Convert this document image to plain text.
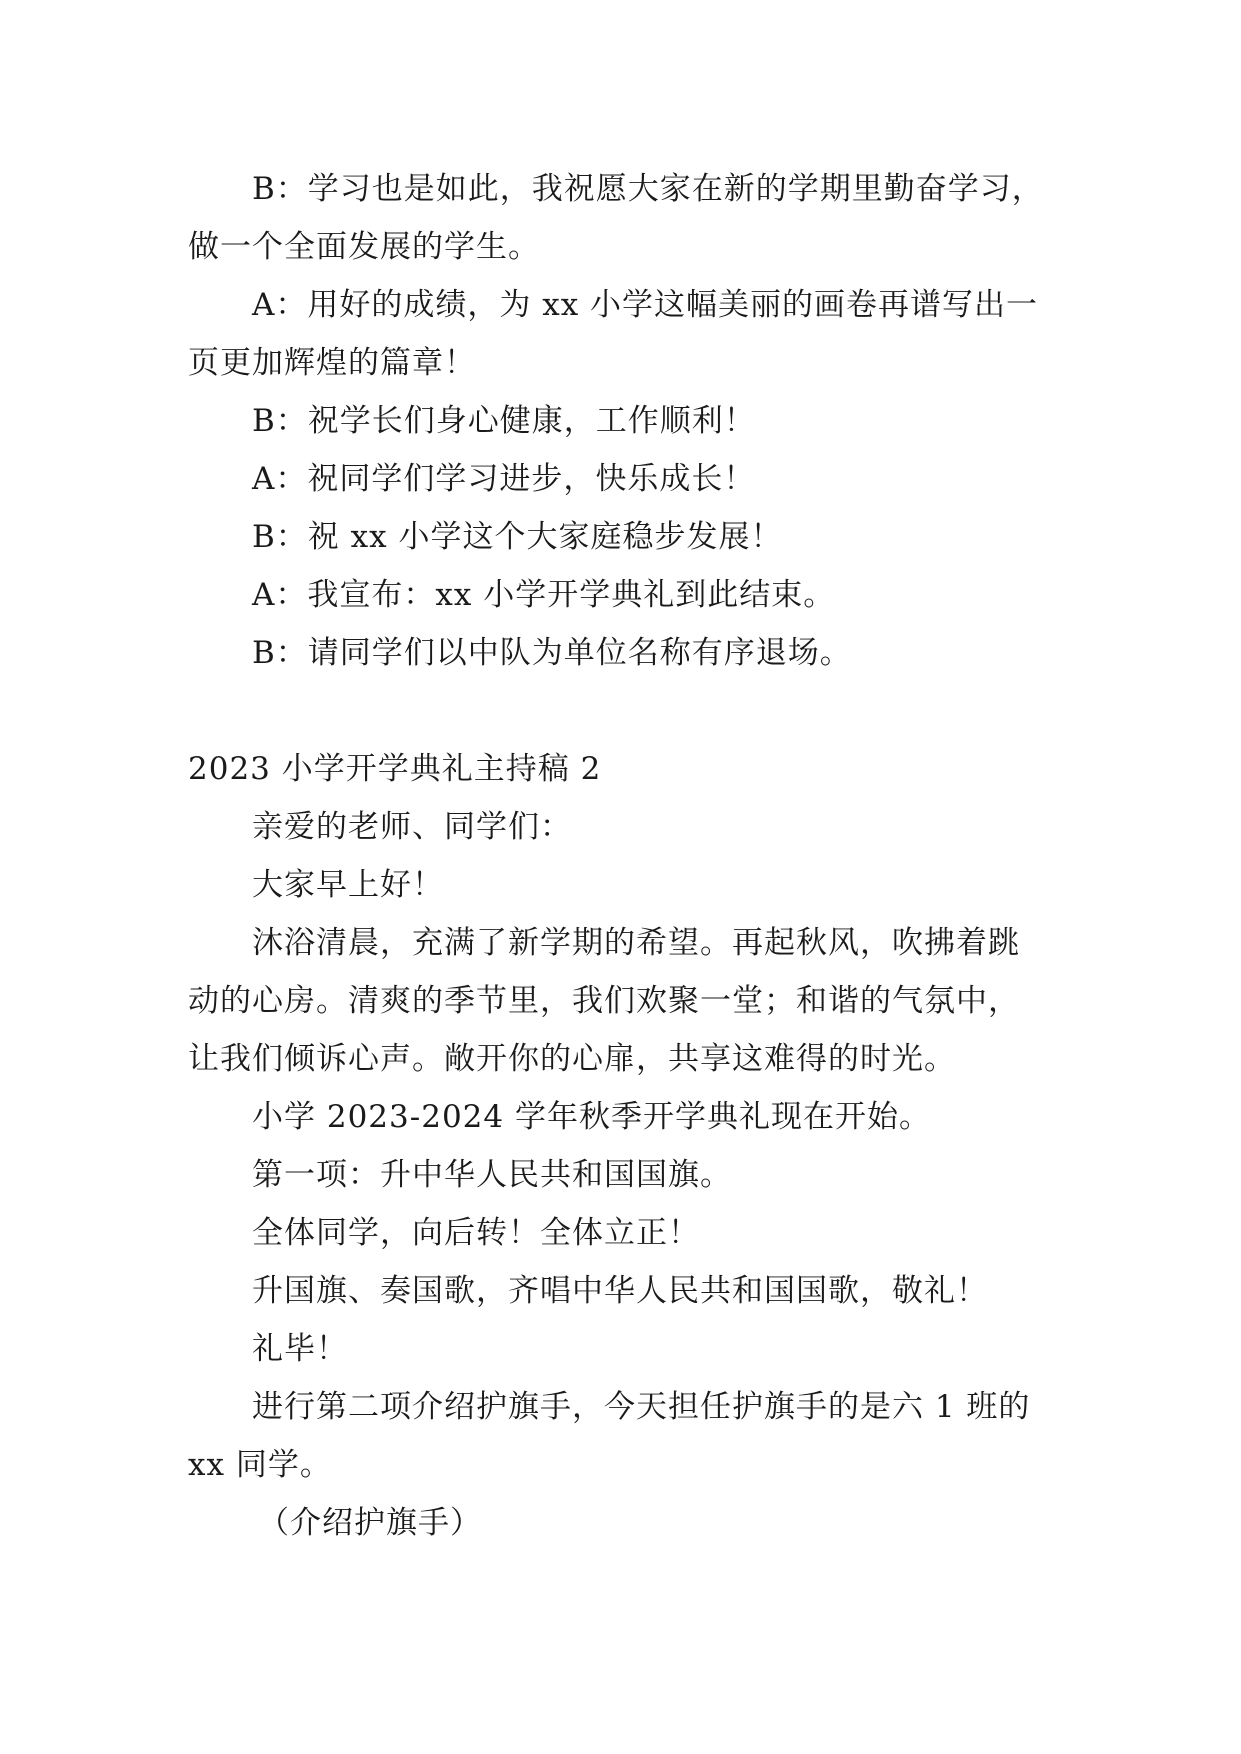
B：学习也是如此，我祝愿大家在新的学期里勤奋学习，
做一个全面发展的学生。
A：用好的成绩，为 xx 小学这幅美丽的画卷再谱写出一
页更加辉煌的篇章！
B：祝学长们身心健康，工作顺利！
A：祝同学们学习进步，快乐成长！
B：祝 xx 小学这个大家庭稳步发展！
A：我宣布：xx 小学开学典礼到此结束。
B：请同学们以中队为单位名称有序退场。
2023 小学开学典礼主持稿 2
亲爱的老师、同学们：
大家早上好！
沐浴清晨，充满了新学期的希望。再起秋风，吹拂着跳
动的心房。清爽的季节里，我们欢聚一堂；和谐的气氛中，
让我们倾诉心声。敞开你的心扉，共享这难得的时光。
小学 2023-2024 学年秋季开学典礼现在开始。
第一项：升中华人民共和国国旗。
全体同学，向后转！全体立正！
升国旗、奏国歌，齐唱中华人民共和国国歌，敬礼！
礼毕！
进行第二项介绍护旗手，今天担任护旗手的是六 1 班的
xx 同学。
（介绍护旗手）
